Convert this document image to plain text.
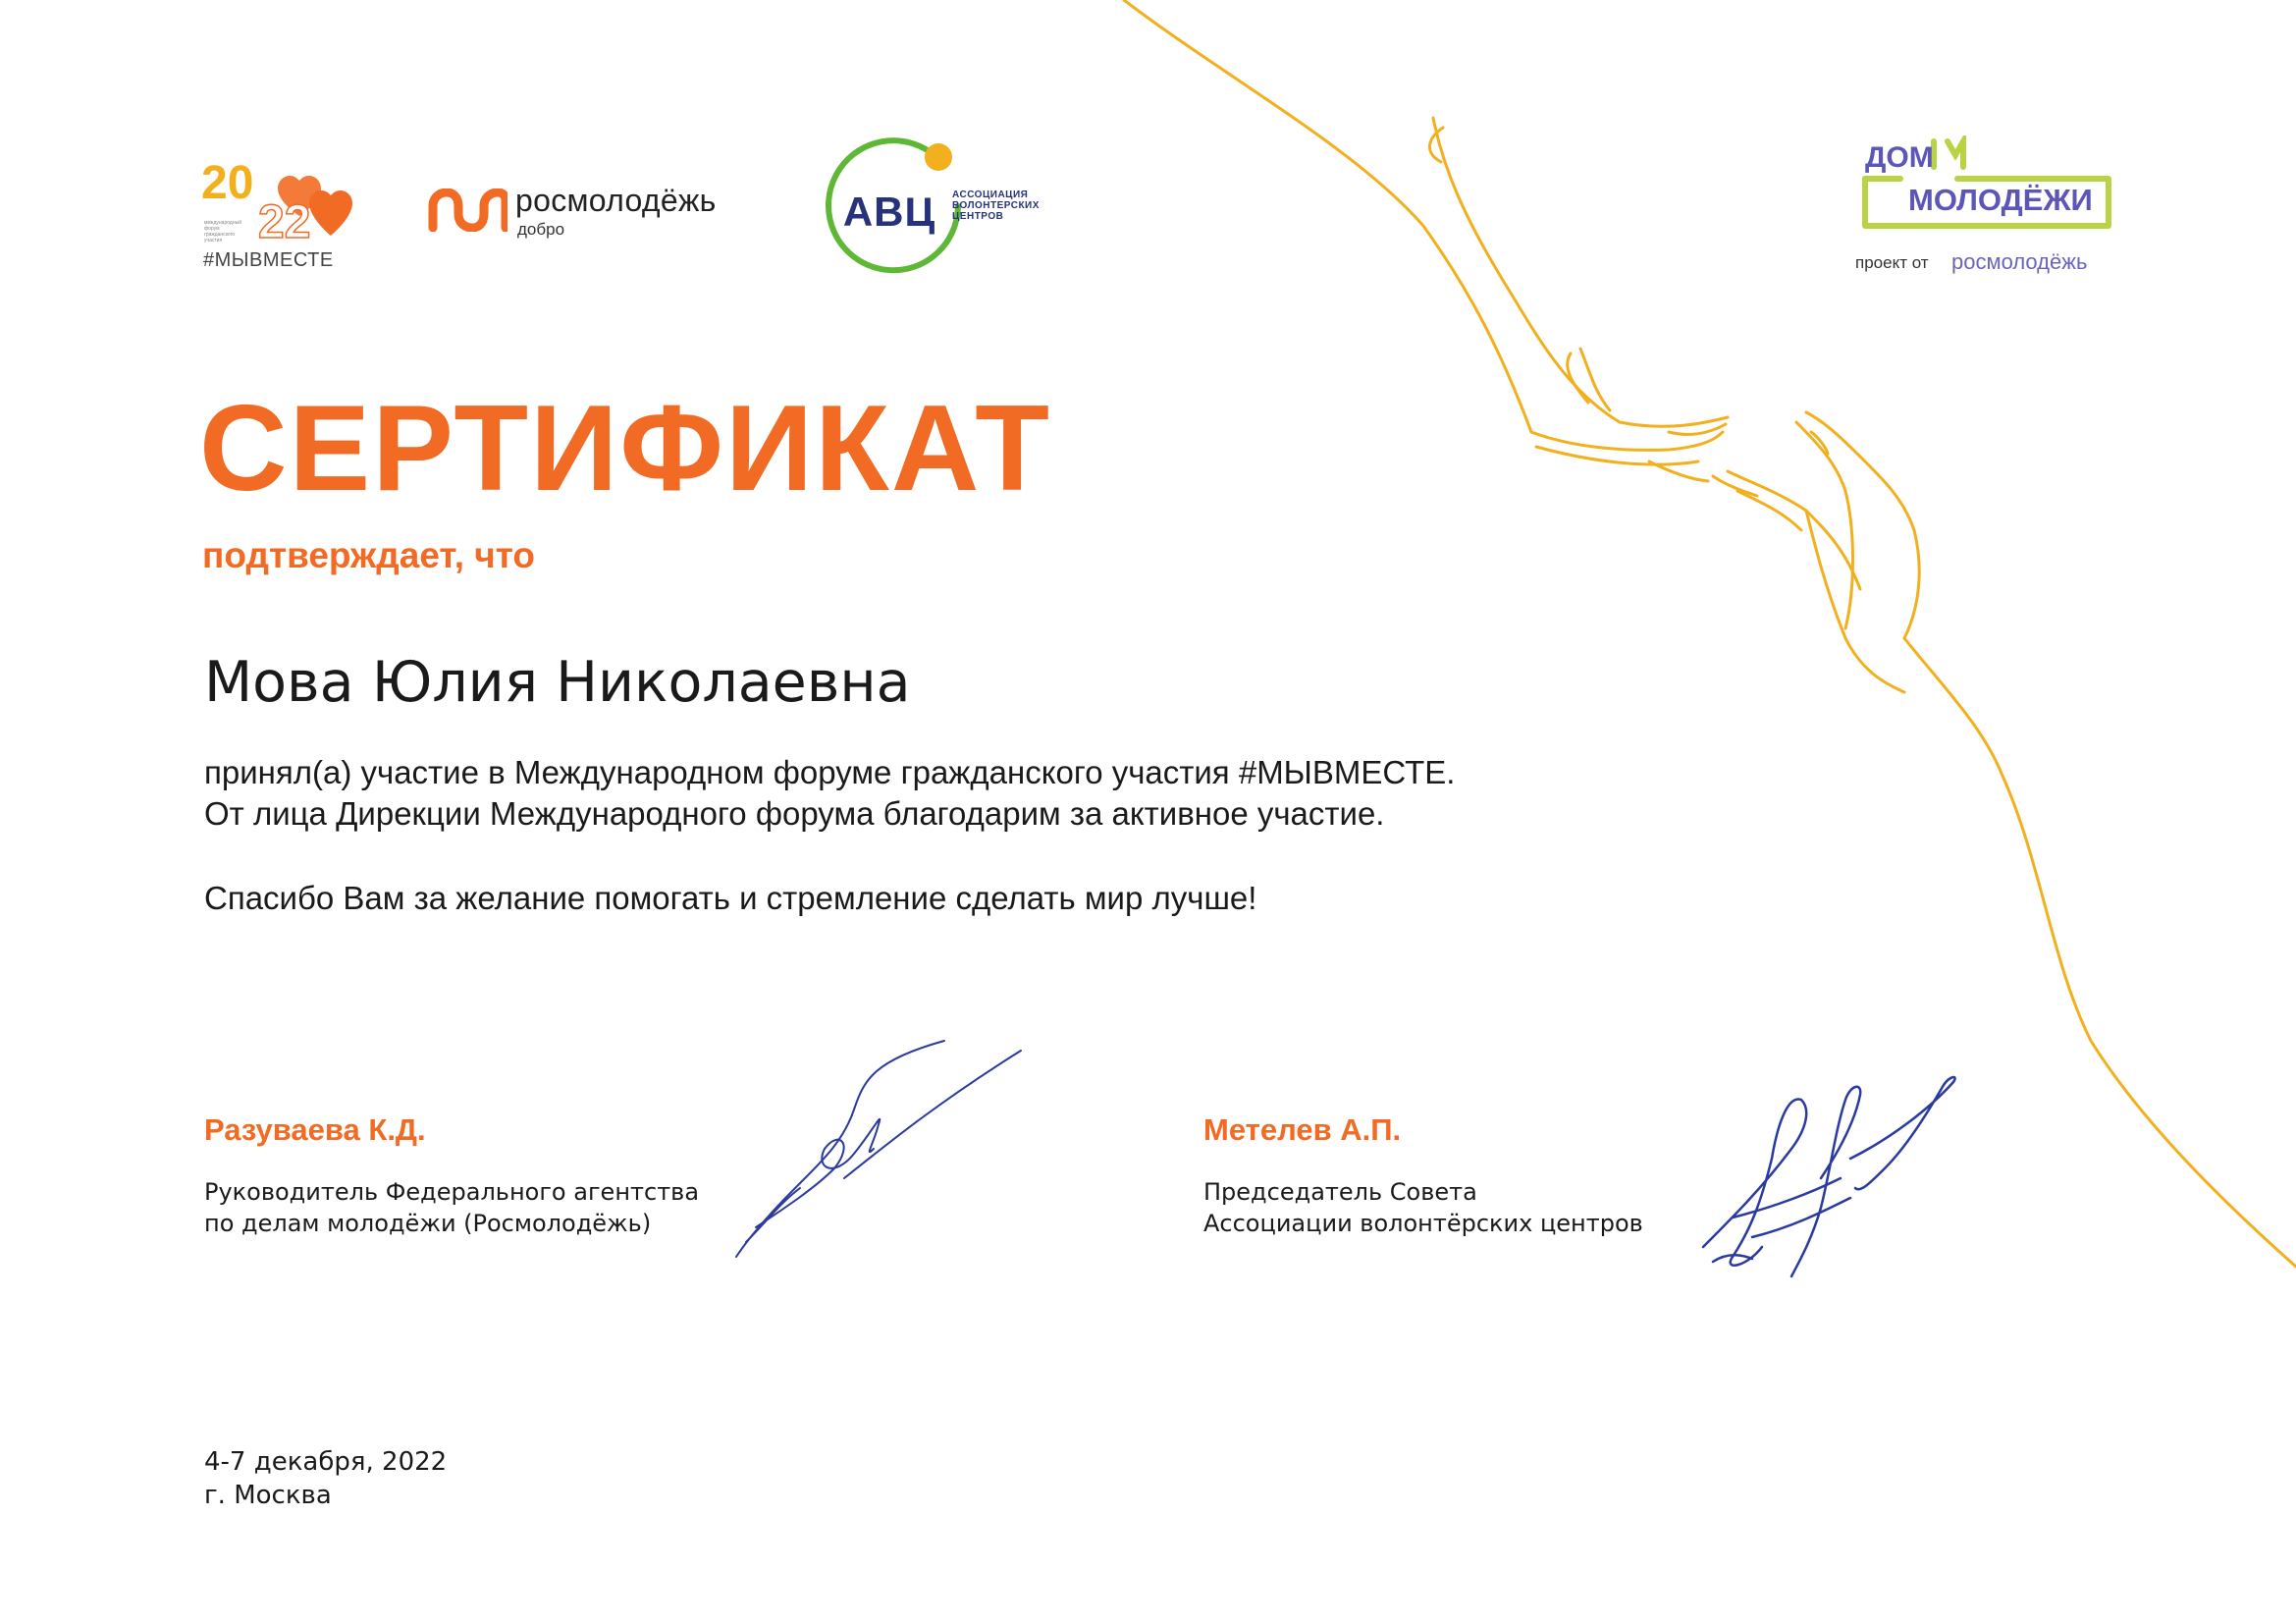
20
22
международный форум гражданского участия
#МЫВМЕСТЕ
росмолодёжь
добро	АВЦ	АССОЦИАЦИЯ ВОЛОНТЕРСКИХ ЦЕНТРОВ
ДОМ
МОЛОДЁЖИ
проект от росмолодёжь
СЕРТИФИКАТ
подтверждает, что
Мова Юлия Николаевна
принял(а) участие в Международном форуме гражданского участия #МЫВМЕСТЕ.
От лица Дирекции Международного форума благодарим за активное участие.
Спасибо Вам за желание помогать и стремление сделать мир лучше!
Разуваева К.Д.
Руководитель Федерального агентства
по делам молодёжи (Росмолодёжь)
Метелев А.П.
Председатель Совета
Ассоциации волонтёрских центров
4-7 декабря, 2022
г. Москва
